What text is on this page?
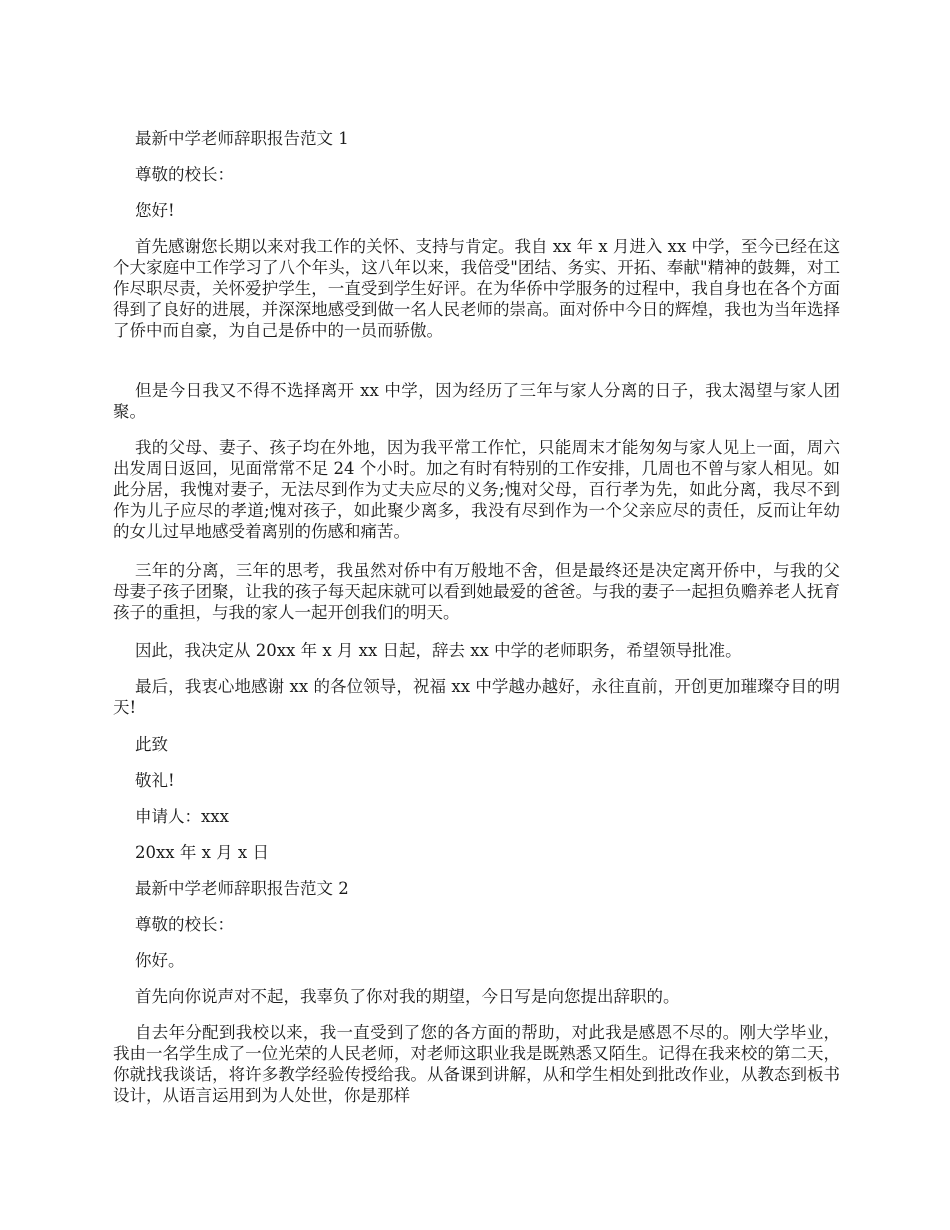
最新中学老师辞职报告范文 1

尊敬的校长：

您好!

首先感谢您长期以来对我工作的关怀、支持与肯定。我自 xx 年 x 月进入 xx 中学，至今已经在这个大家庭中工作学习了八个年头，这八年以来，我倍受"团结、务实、开拓、奉献"精神的鼓舞，对工作尽职尽责，关怀爱护学生，一直受到学生好评。在为华侨中学服务的过程中，我自身也在各个方面得到了良好的进展，并深深地感受到做一名人民老师的崇高。面对侨中今日的辉煌，我也为当年选择了侨中而自豪，为自己是侨中的一员而骄傲。

但是今日我又不得不选择离开 xx 中学，因为经历了三年与家人分离的日子，我太渴望与家人团聚。

我的父母、妻子、孩子均在外地，因为我平常工作忙，只能周末才能匆匆与家人见上一面，周六出发周日返回，见面常常不足 24 个小时。加之有时有特别的工作安排，几周也不曾与家人相见。如此分居，我愧对妻子，无法尽到作为丈夫应尽的义务;愧对父母，百行孝为先，如此分离，我尽不到作为儿子应尽的孝道;愧对孩子，如此聚少离多，我没有尽到作为一个父亲应尽的责任，反而让年幼的女儿过早地感受着离别的伤感和痛苦。

三年的分离，三年的思考，我虽然对侨中有万般地不舍，但是最终还是决定离开侨中，与我的父母妻子孩子团聚，让我的孩子每天起床就可以看到她最爱的爸爸。与我的妻子一起担负赡养老人抚育孩子的重担，与我的家人一起开创我们的明天。

因此，我决定从 20xx 年 x 月 xx 日起，辞去 xx 中学的老师职务，希望领导批准。

最后，我衷心地感谢 xx 的各位领导，祝福 xx 中学越办越好，永往直前，开创更加璀璨夺目的明天!

此致

敬礼!

申请人：xxx

20xx 年 x 月 x 日

最新中学老师辞职报告范文 2

尊敬的校长：

你好。

首先向你说声对不起，我辜负了你对我的期望，今日写是向您提出辞职的。

自去年分配到我校以来，我一直受到了您的各方面的帮助，对此我是感恩不尽的。刚大学毕业，我由一名学生成了一位光荣的人民老师，对老师这职业我是既熟悉又陌生。记得在我来校的第二天，你就找我谈话，将许多教学经验传授给我。从备课到讲解，从和学生相处到批改作业，从教态到板书设计，从语言运用到为人处世，你是那样
